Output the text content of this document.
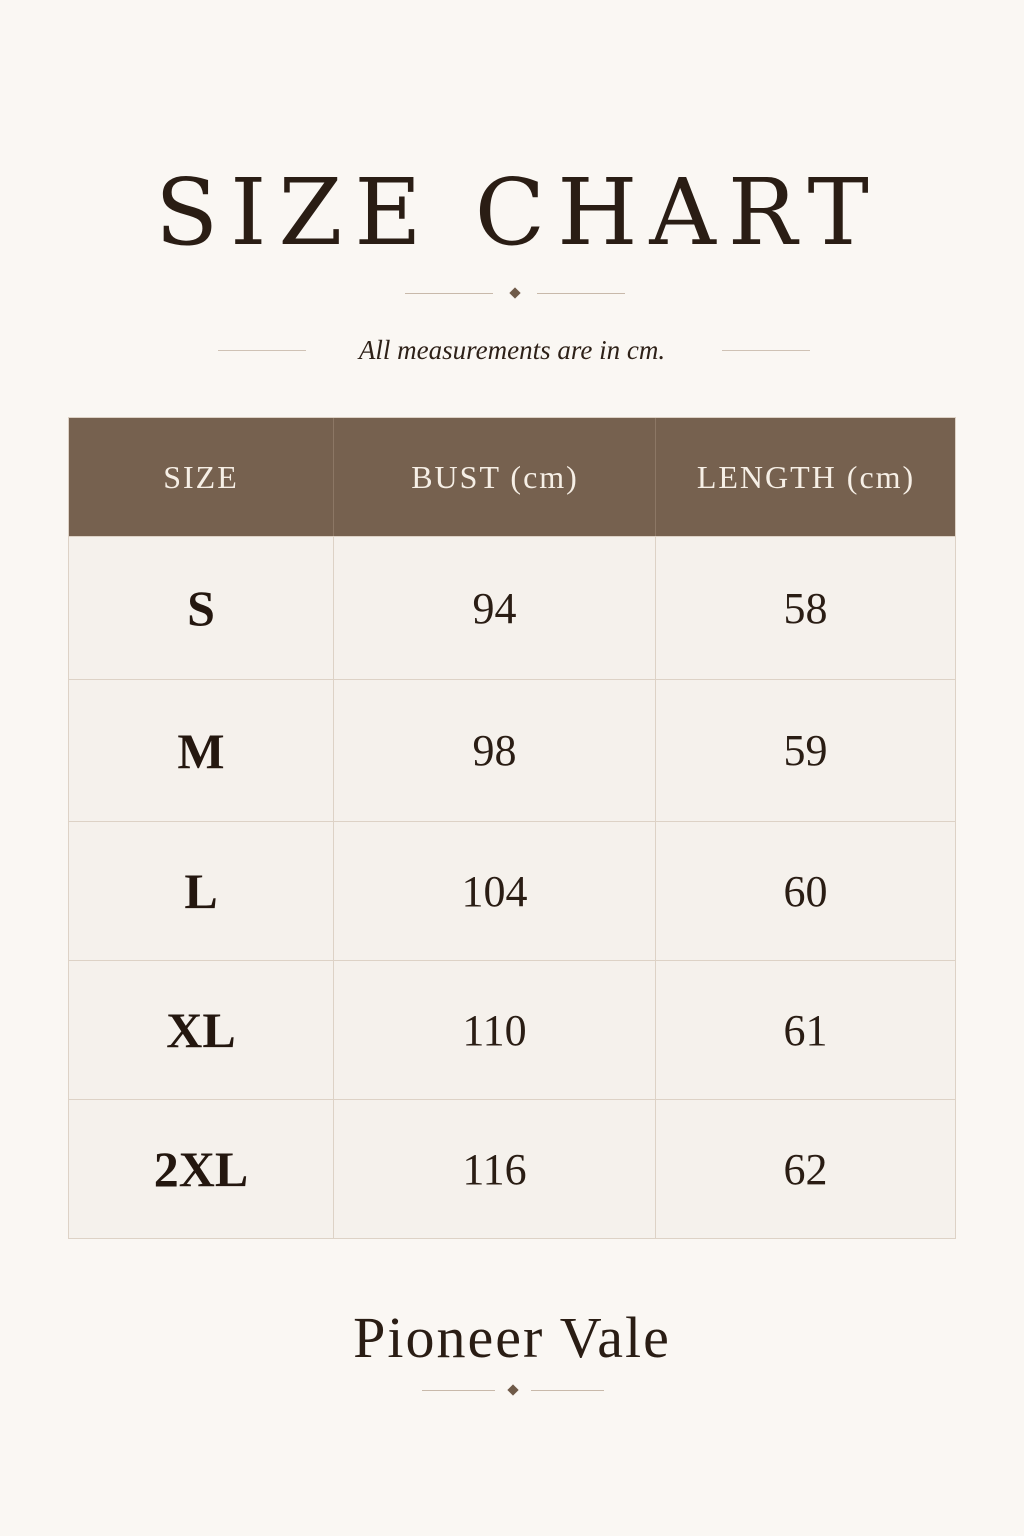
SIZE CHART
All measurements are in cm.
SIZE	BUST (cm)	LENGTH (cm)
S	94	58
M	98	59
L	104	60
XL	110	61
2XL	116	62
Pioneer Vale
